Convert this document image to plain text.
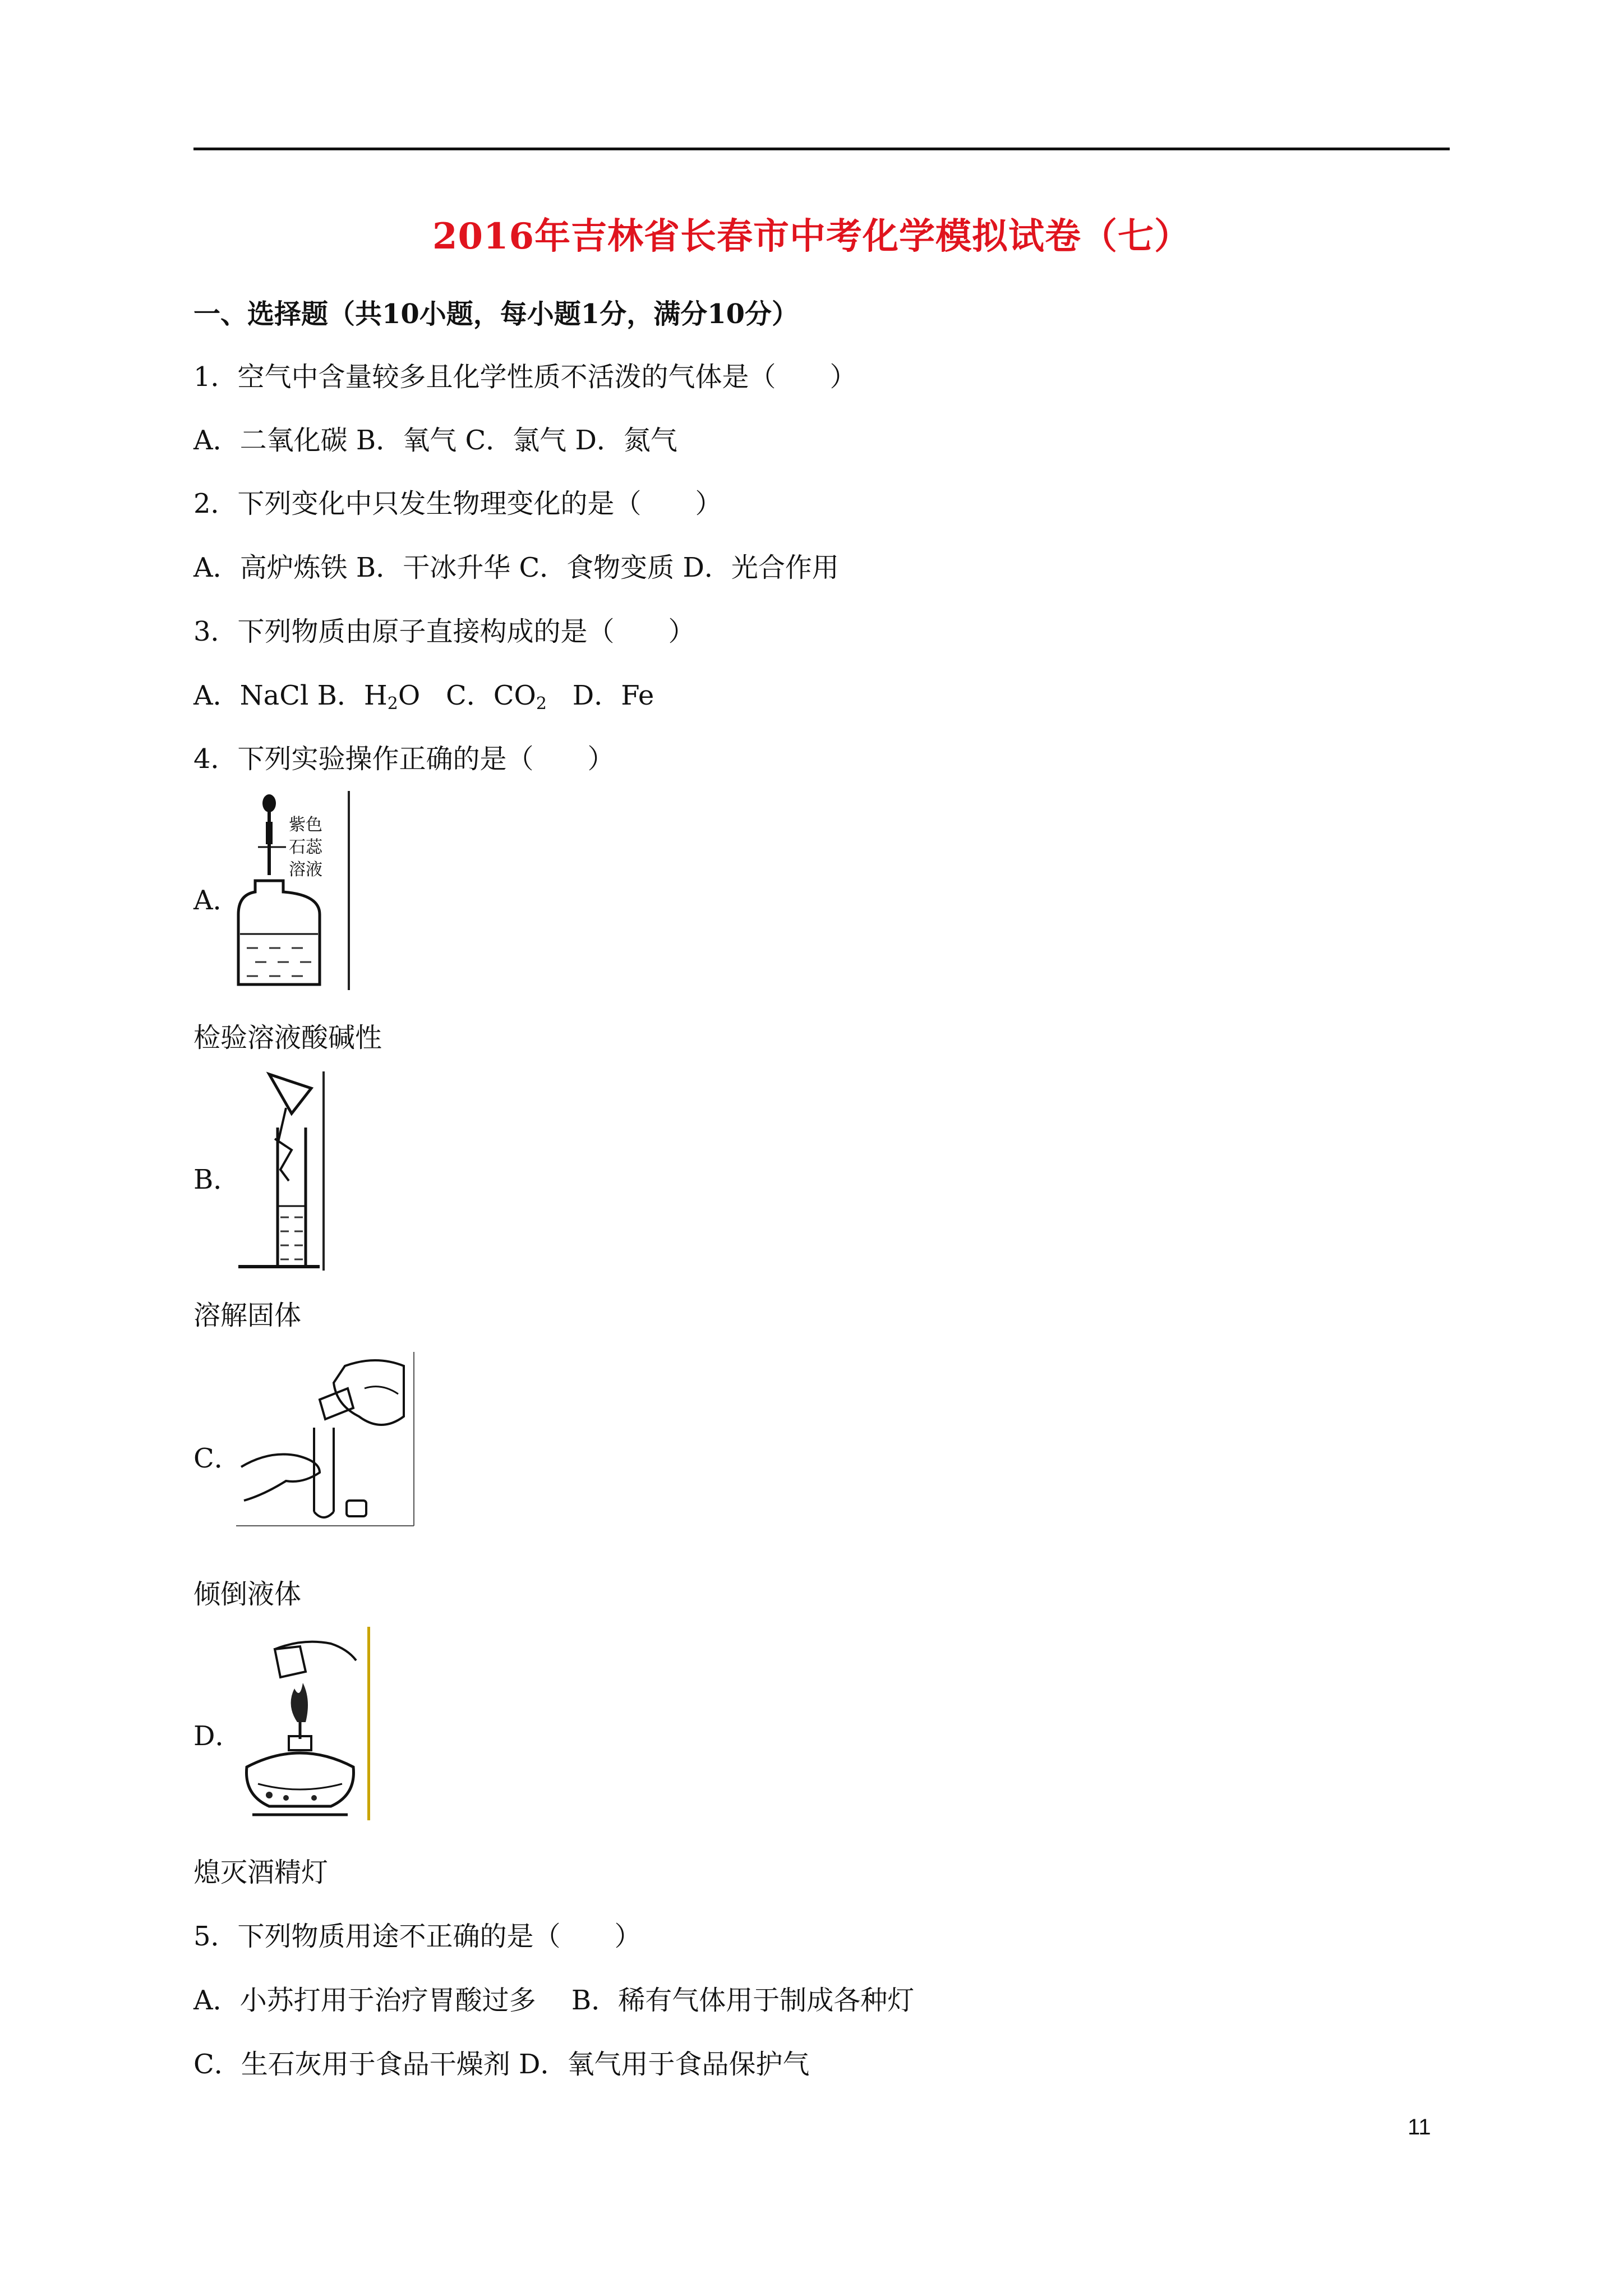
2016年吉林省长春市中考化学模拟试卷（七）
一、选择题（共10小题，每小题1分，满分10分）
1．空气中含量较多且化学性质不活泼的气体是（　　）
A．二氧化碳 B．氧气 C．氯气 D．氮气
2．下列变化中只发生物理变化的是（　　）
A．高炉炼铁 B．干冰升华 C．食物变质 D．光合作用
3．下列物质由原子直接构成的是（　　）
A．NaCl B．$H_2O$ C．$CO_2$ D．Fe
4．下列实验操作正确的是（　　）
A．
紫色
石蕊
溶液
检验溶液酸碱性
B．
溶解固体
C．
倾倒液体
D．
熄灭酒精灯
5．下列物质用途不正确的是（　　）
A．小苏打用于治疗胃酸过多　 B．稀有气体用于制成各种灯
C．生石灰用于食品干燥剂 D．氧气用于食品保护气
11
